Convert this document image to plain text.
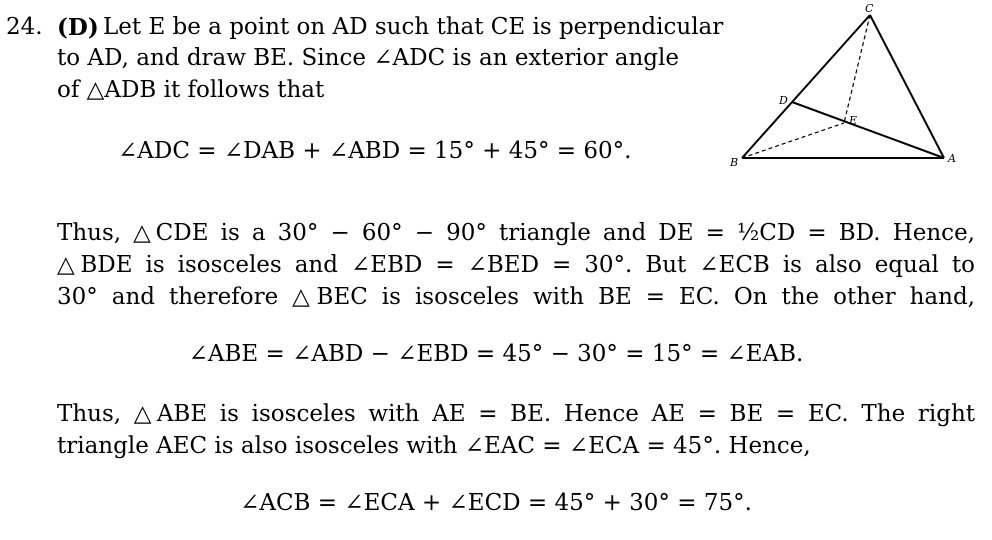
24. (D) Let E be a point on AD such that CE is perpendicular
to AD, and draw BE. Since ∠ADC is an exterior angle
of △ADB it follows that
∠ADC = ∠DAB + ∠ABD = 15° + 45° = 60°.
Thus, △CDE is a 30° − 60° − 90° triangle and DE = ½CD = BD. Hence,
△BDE is isosceles and ∠EBD = ∠BED = 30°. But ∠ECB is also equal to
30° and therefore △BEC is isosceles with BE = EC. On the other hand,
∠ABE = ∠ABD − ∠EBD = 45° − 30° = 15° = ∠EAB.
Thus, △ABE is isosceles with AE = BE. Hence AE = BE = EC. The right
triangle AEC is also isosceles with ∠EAC = ∠ECA = 45°. Hence,
∠ACB = ∠ECA + ∠ECD = 45° + 30° = 75°.
C
B	A
D
E
